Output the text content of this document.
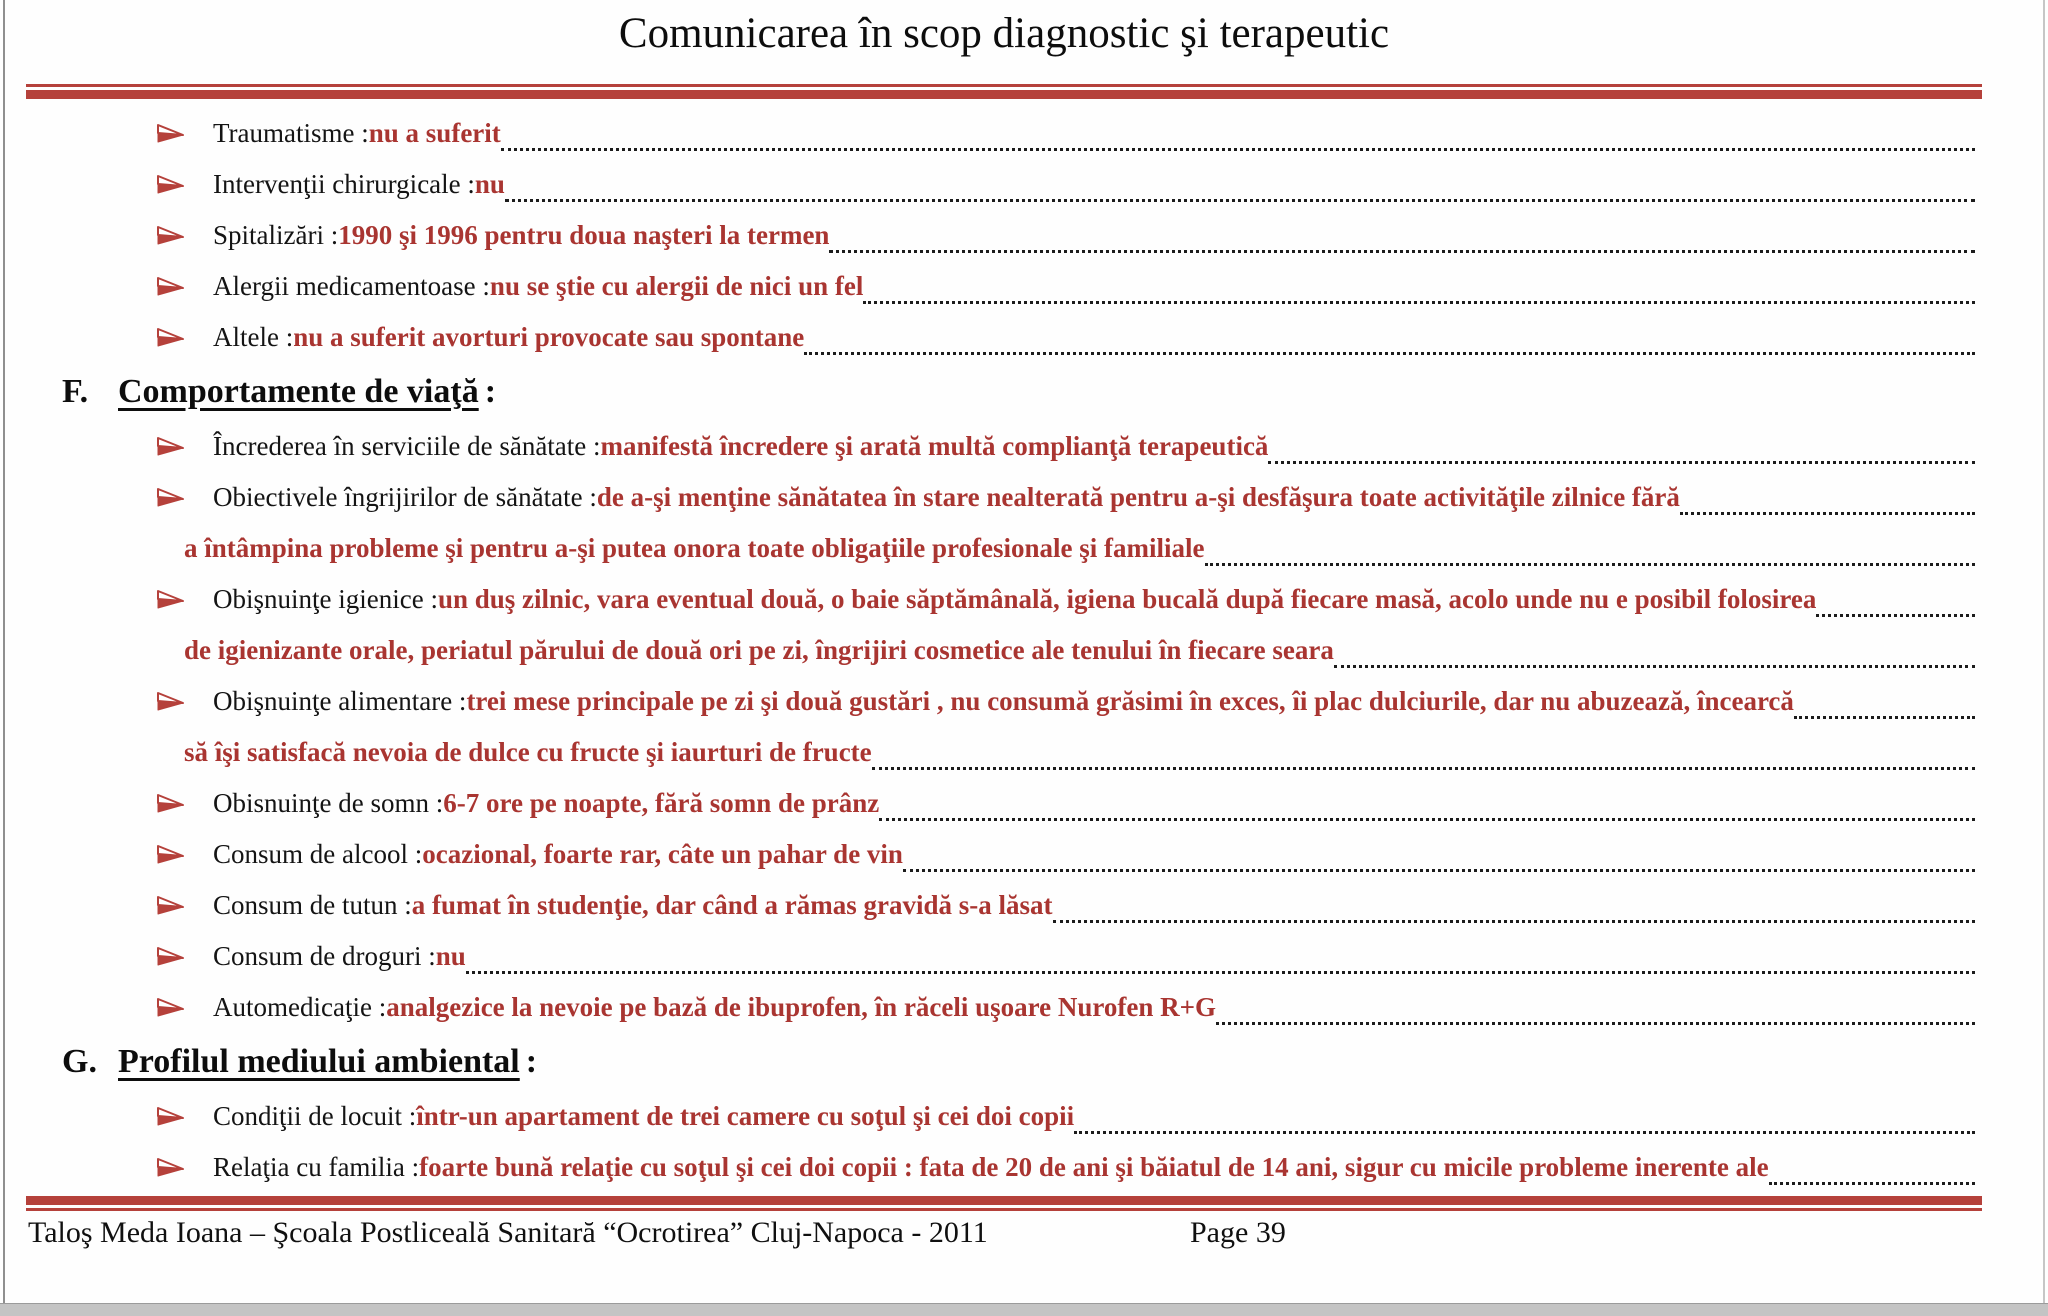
Comunicarea în scop diagnostic şi terapeutic
Traumatisme : nu a suferit
Intervenţii chirurgicale : nu
Spitalizări : 1990 şi 1996 pentru doua naşteri la termen
Alergii medicamentoase : nu se ştie cu alergii de nici un fel
Altele : nu a suferit avorturi provocate sau spontane
F. Comportamente de viaţă :
Încrederea în serviciile de sănătate : manifestă încredere şi arată multă complianţă terapeutică
Obiectivele îngrijirilor de sănătate : de a-şi menţine sănătatea în stare nealterată pentru a-şi desfăşura toate activităţile zilnice fără
a întâmpina probleme şi pentru a-şi putea onora toate obligaţiile profesionale şi familiale
Obişnuinţe igienice : un duş zilnic, vara eventual două, o baie săptămânală, igiena bucală după fiecare masă, acolo unde nu e posibil folosirea
de igienizante orale, periatul părului de două ori pe zi, îngrijiri cosmetice ale tenului în fiecare seara
Obişnuinţe alimentare : trei mese principale pe zi şi două gustări , nu consumă grăsimi în exces, îi plac dulciurile, dar nu abuzează, încearcă
să îşi satisfacă nevoia de dulce cu fructe şi iaurturi de fructe
Obisnuinţe de somn : 6-7 ore pe noapte, fără somn de prânz
Consum de alcool : ocazional, foarte rar, câte un pahar de vin
Consum de tutun : a fumat în studenţie, dar când a rămas gravidă s-a lăsat
Consum de droguri : nu
Automedicaţie : analgezice la nevoie pe bază de ibuprofen, în răceli uşoare Nurofen R+G
G. Profilul mediului ambiental :
Condiţii de locuit : într-un apartament de trei camere cu soţul şi cei doi copii
Relaţia cu familia : foarte bună relaţie cu soţul şi cei doi copii : fata de 20 de ani şi băiatul de 14 ani, sigur cu micile probleme inerente ale
Taloş Meda Ioana – Şcoala Postliceală Sanitară “Ocrotirea” Cluj-Napoca - 2011	Page 39
